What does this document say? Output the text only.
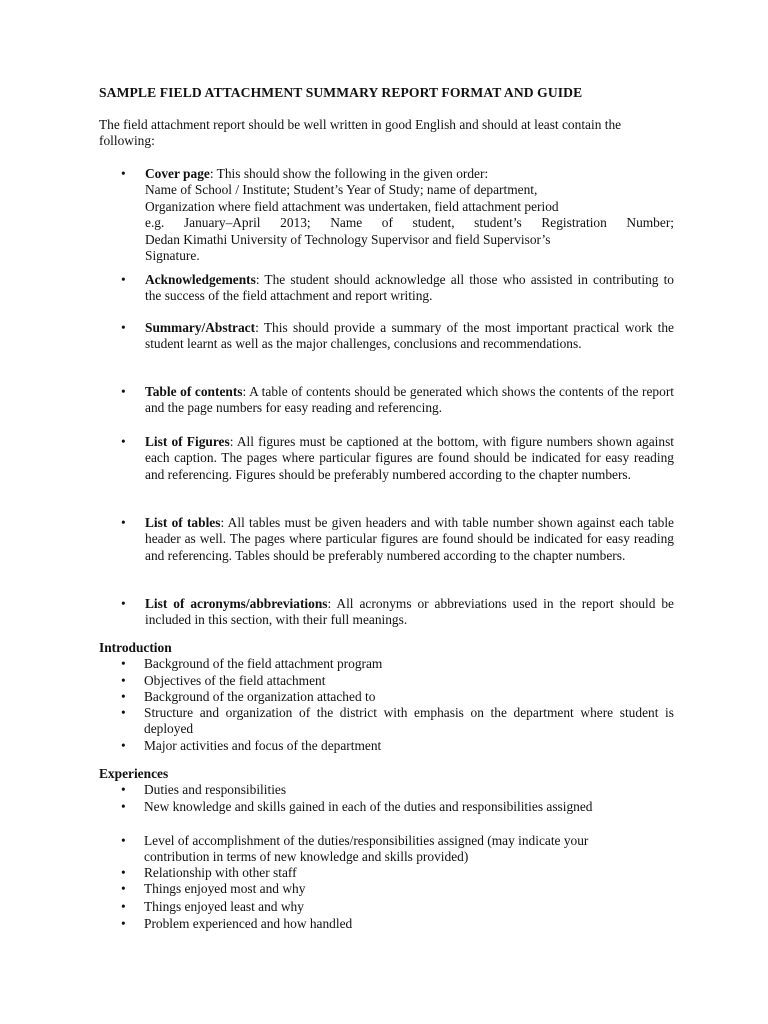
SAMPLE FIELD ATTACHMENT SUMMARY REPORT FORMAT AND GUIDE
The field attachment report should be well written in good English and should at least contain the following:
• Cover page: This should show the following in the given order:
Name of School / Institute; Student’s Year of Study; name of department,
Organization where field attachment was undertaken, field attachment period
e.g. January–April 2013; Name of student, student’s Registration Number;
Dedan Kimathi University of Technology Supervisor and field Supervisor’s
Signature.
• Acknowledgements: The student should acknowledge all those who assisted in contributing to the success of the field attachment and report writing.
• Summary/Abstract: This should provide a summary of the most important practical work the student learnt as well as the major challenges, conclusions and recommendations.
• Table of contents: A table of contents should be generated which shows the contents of the report and the page numbers for easy reading and referencing.
• List of Figures: All figures must be captioned at the bottom, with figure numbers shown against each caption. The pages where particular figures are found should be indicated for easy reading and referencing. Figures should be preferably numbered according to the chapter numbers.
• List of tables: All tables must be given headers and with table number shown against each table header as well. The pages where particular figures are found should be indicated for easy reading and referencing. Tables should be preferably numbered according to the chapter numbers.
• List of acronyms/abbreviations: All acronyms or abbreviations used in the report should be included in this section, with their full meanings.
Introduction
• Background of the field attachment program
• Objectives of the field attachment
• Background of the organization attached to
• Structure and organization of the district with emphasis on the department where student is deployed
• Major activities and focus of the department
Experiences
• Duties and responsibilities
• New knowledge and skills gained in each of the duties and responsibilities assigned
• Level of accomplishment of the duties/responsibilities assigned (may indicate your contribution in terms of new knowledge and skills provided)
• Relationship with other staff
• Things enjoyed most and why
• Things enjoyed least and why
• Problem experienced and how handled
